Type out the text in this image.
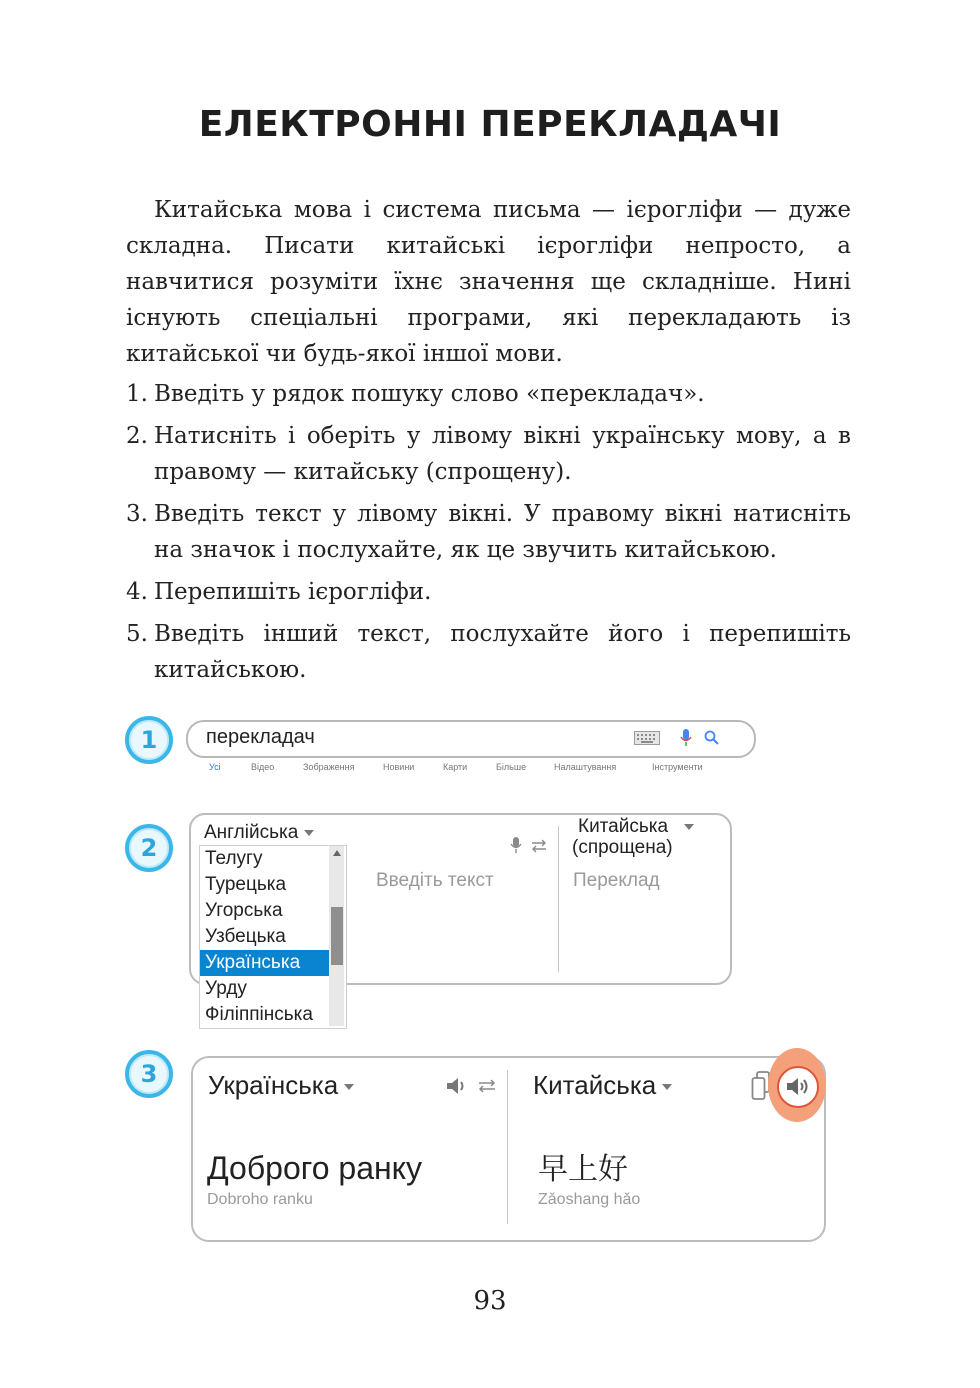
ЕЛЕКТРОННІ ПЕРЕКЛАДАЧІ

Китайська мова і система письма — ієрогліфи — дуже складна. Писати китайські ієрогліфи непросто, а навчитися розуміти їхнє значення ще складніше. Нині існують спеціальні програми, які перекладають із китайської чи будь-якої іншої мови.

1. Введіть у рядок пошуку слово «перекладач».
2. Натисніть і оберіть у лівому вікні українську мову, а в правому — китайську (спрощену).
3. Введіть текст у лівому вікні. У правому вікні натисніть на значок і послухайте, як це звучить китайською.
4. Перепишіть ієрогліфи.
5. Введіть інший текст, послухайте його і перепишіть китайською.
1	перекладач
Усі	Відео	Зображення	Новини	Карти	Більше	Налаштування	Інструменти
2
Англійська
Телугу
Турецька
Угорська
Узбецька
Українська
Урду
Філіппінська
Введіть текст
Китайська
(спрощена)
Переклад
3	Українська
Доброго ранку
Dobroho ranku
Китайська
早上好
Zǎoshang hǎo
93
